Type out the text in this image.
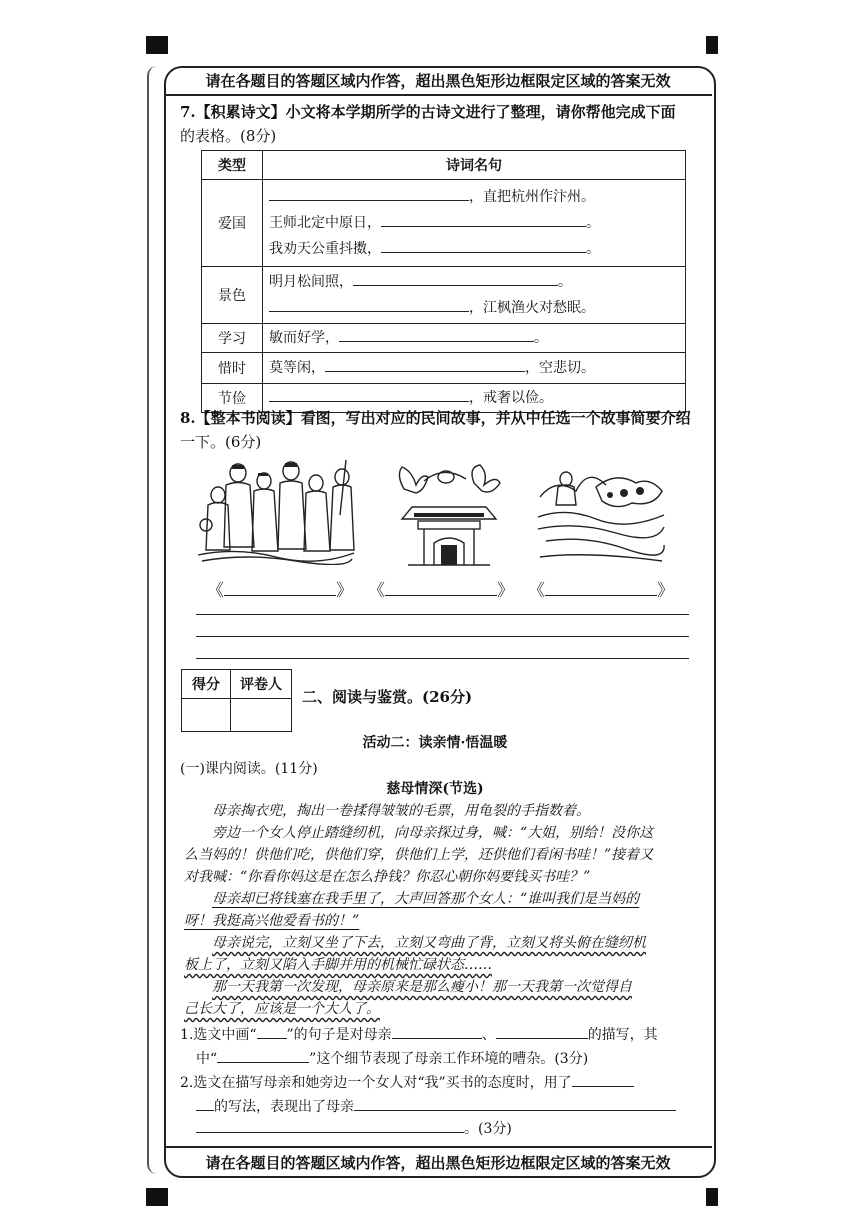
请在各题目的答题区域内作答，超出黑色矩形边框限定区域的答案无效
7.【积累诗文】小文将本学期所学的古诗文进行了整理，请你帮他完成下面
的表格。(8分)
类型	诗词名句
爱国	，直把杭州作汴州。
王师北定中原日， 。
我劝天公重抖擞， 。

景色	明月松间照， 。
，江枫渔火对愁眠。

学习	敏而好学， 。

惜时	莫等闲， ，空悲切。

节俭	，戒奢以俭。
8.【整本书阅读】看图，写出对应的民间故事，并从中任选一个故事简要介绍
一下。(6分)
《	》 《	》 《	》
得分	评卷人

二、阅读与鉴赏。(26分)
活动二：读亲情·悟温暖
(一)课内阅读。(11分)
慈母情深(节选)
母亲掏衣兜，掏出一卷揉得皱皱的毛票，用龟裂的手指数着。
旁边一个女人停止踏缝纫机，向母亲探过身，喊：“大姐，别给！没你这
么当妈的！供他们吃，供他们穿，供他们上学，还供他们看闲书哇！”接着又
对我喊：“你看你妈这是在怎么挣钱？你忍心朝你妈要钱买书哇？”
母亲却已将钱塞在我手里了，大声回答那个女人：“谁叫我们是当妈的
呀！我挺高兴他爱看书的！”
母亲说完，立刻又坐了下去，立刻又弯曲了背，立刻又将头俯在缝纫机
板上了，立刻又陷入手脚并用的机械忙碌状态……
那一天我第一次发现，母亲原来是那么瘦小！那一天我第一次觉得自
己长大了，应该是一个大人了。
1.选文中画“ ”的句子是对母亲	、	的描写，其
中“	”这个细节表现了母亲工作环境的嘈杂。(3分)
2.选文在描写母亲和她旁边一个女人对“我”买书的态度时，用了
的写法，表现出了母亲
。(3分)
请在各题目的答题区域内作答，超出黑色矩形边框限定区域的答案无效
